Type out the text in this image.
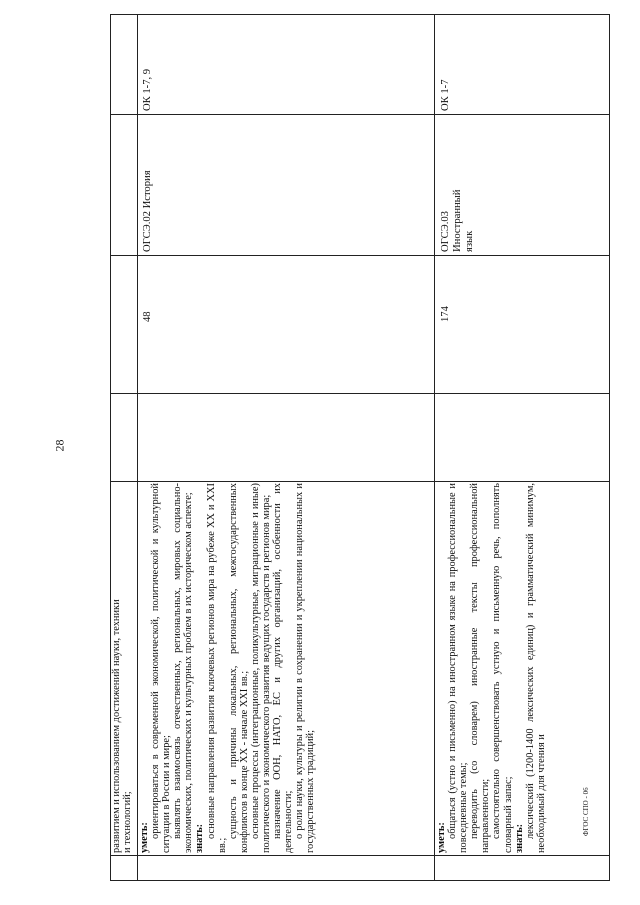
28

развитием и использованием достижений науки, техники и технологий; уметь: ориентироваться в современной экономической, политической и культурной ситуации в России и мире; выявлять взаимосвязь отечественных, региональных, мировых социально-экономических, политических и культурных проблем в их историческом аспекте; знать: основные направления развития ключевых регионов мира на рубеже XX и XXI вв.;

сущность и причины локальных, региональных, межгосударственных конфликтов в конце XX - начале XXI вв.; основные процессы (интеграционные, поликультурные, миграционные и иные) политического и экономического развития ведущих государств и регионов мира; назначение ООН, НАТО, ЕС и других организаций, особенности их деятельности; о роли науки, культуры и религии в сохранении и укреплении национальных и государственных традиций;

48
ОГСЭ.02 История
ОК 1-7, 9

уметь: общаться (устно и письменно) на иностранном языке на профессиональные и повседневные темы; переводить (со словарем) иностранные тексты профессиональной направленности; самостоятельно совершенствовать устную и письменную речь, пополнять словарный запас; знать: лексический (1200-1400 лексических единиц) и грамматический минимум, необходимый для чтения и

174
ОГСЭ.03 Иностранный язык
ОК 1-7
ФГОС СПО - 06
